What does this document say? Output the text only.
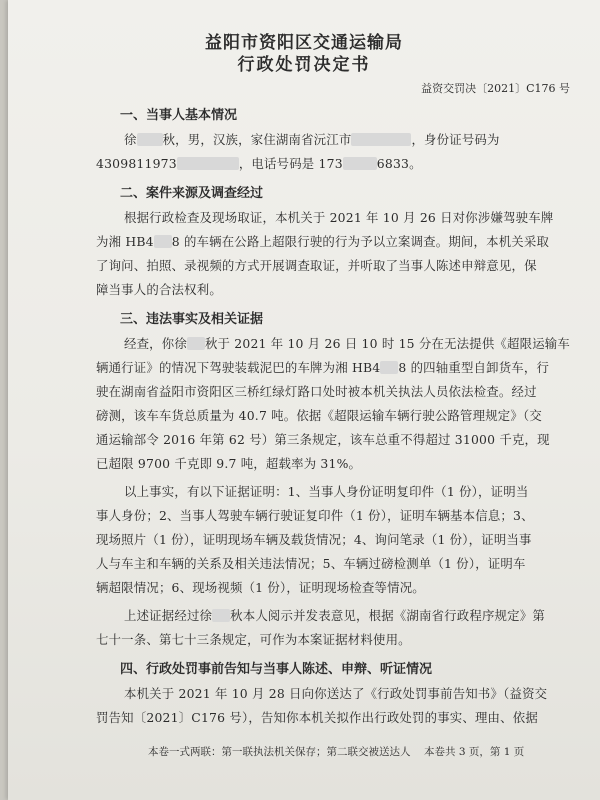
益阳市资阳区交通运输局
行政处罚决定书
益资交罚决〔2021〕C176 号
一、当事人基本情况
徐 秋，男，汉族，家住湖南省沅江市	，身份证号码为
4309811973	，电话号码是 173	6833。
二、案件来源及调查经过
根据行政检查及现场取证，本机关于 2021 年 10 月 26 日对你涉嫌驾驶车牌
为湘 HB4 8 的车辆在公路上超限行驶的行为予以立案调查。期间，本机关采取
了询问、拍照、录视频的方式开展调查取证，并听取了当事人陈述申辩意见，保
障当事人的合法权利。
三、违法事实及相关证据
经查，你徐 秋于 2021 年 10 月 26 日 10 时 15 分在无法提供《超限运输车
辆通行证》的情况下驾驶装载泥巴的车牌为湘 HB4 8 的四轴重型自卸货车，行
驶在湖南省益阳市资阳区三桥红绿灯路口处时被本机关执法人员依法检查。经过
磅测，该车车货总质量为 40.7 吨。依据《超限运输车辆行驶公路管理规定》（交
通运输部令 2016 年第 62 号）第三条规定，该车总重不得超过 31000 千克，现
已超限 9700 千克即 9.7 吨，超载率为 31%。
以上事实，有以下证据证明：1、当事人身份证明复印件（1 份），证明当
事人身份；2、当事人驾驶车辆行驶证复印件（1 份），证明车辆基本信息；3、
现场照片（1 份），证明现场车辆及载货情况；4、询问笔录（1 份），证明当事
人与车主和车辆的关系及相关违法情况；5、车辆过磅检测单（1 份），证明车
辆超限情况；6、现场视频（1 份），证明现场检查等情况。
上述证据经过徐 秋本人阅示并发表意见，根据《湖南省行政程序规定》第
七十一条、第七十三条规定，可作为本案证据材料使用。
四、行政处罚事前告知与当事人陈述、申辩、听证情况
本机关于 2021 年 10 月 28 日向你送达了《行政处罚事前告知书》（益资交
罚告知〔2021〕C176 号），告知你本机关拟作出行政处罚的事实、理由、依据
本卷一式两联：第一联执法机关保存；第二联交被送达人 本卷共 3 页，第 1 页
